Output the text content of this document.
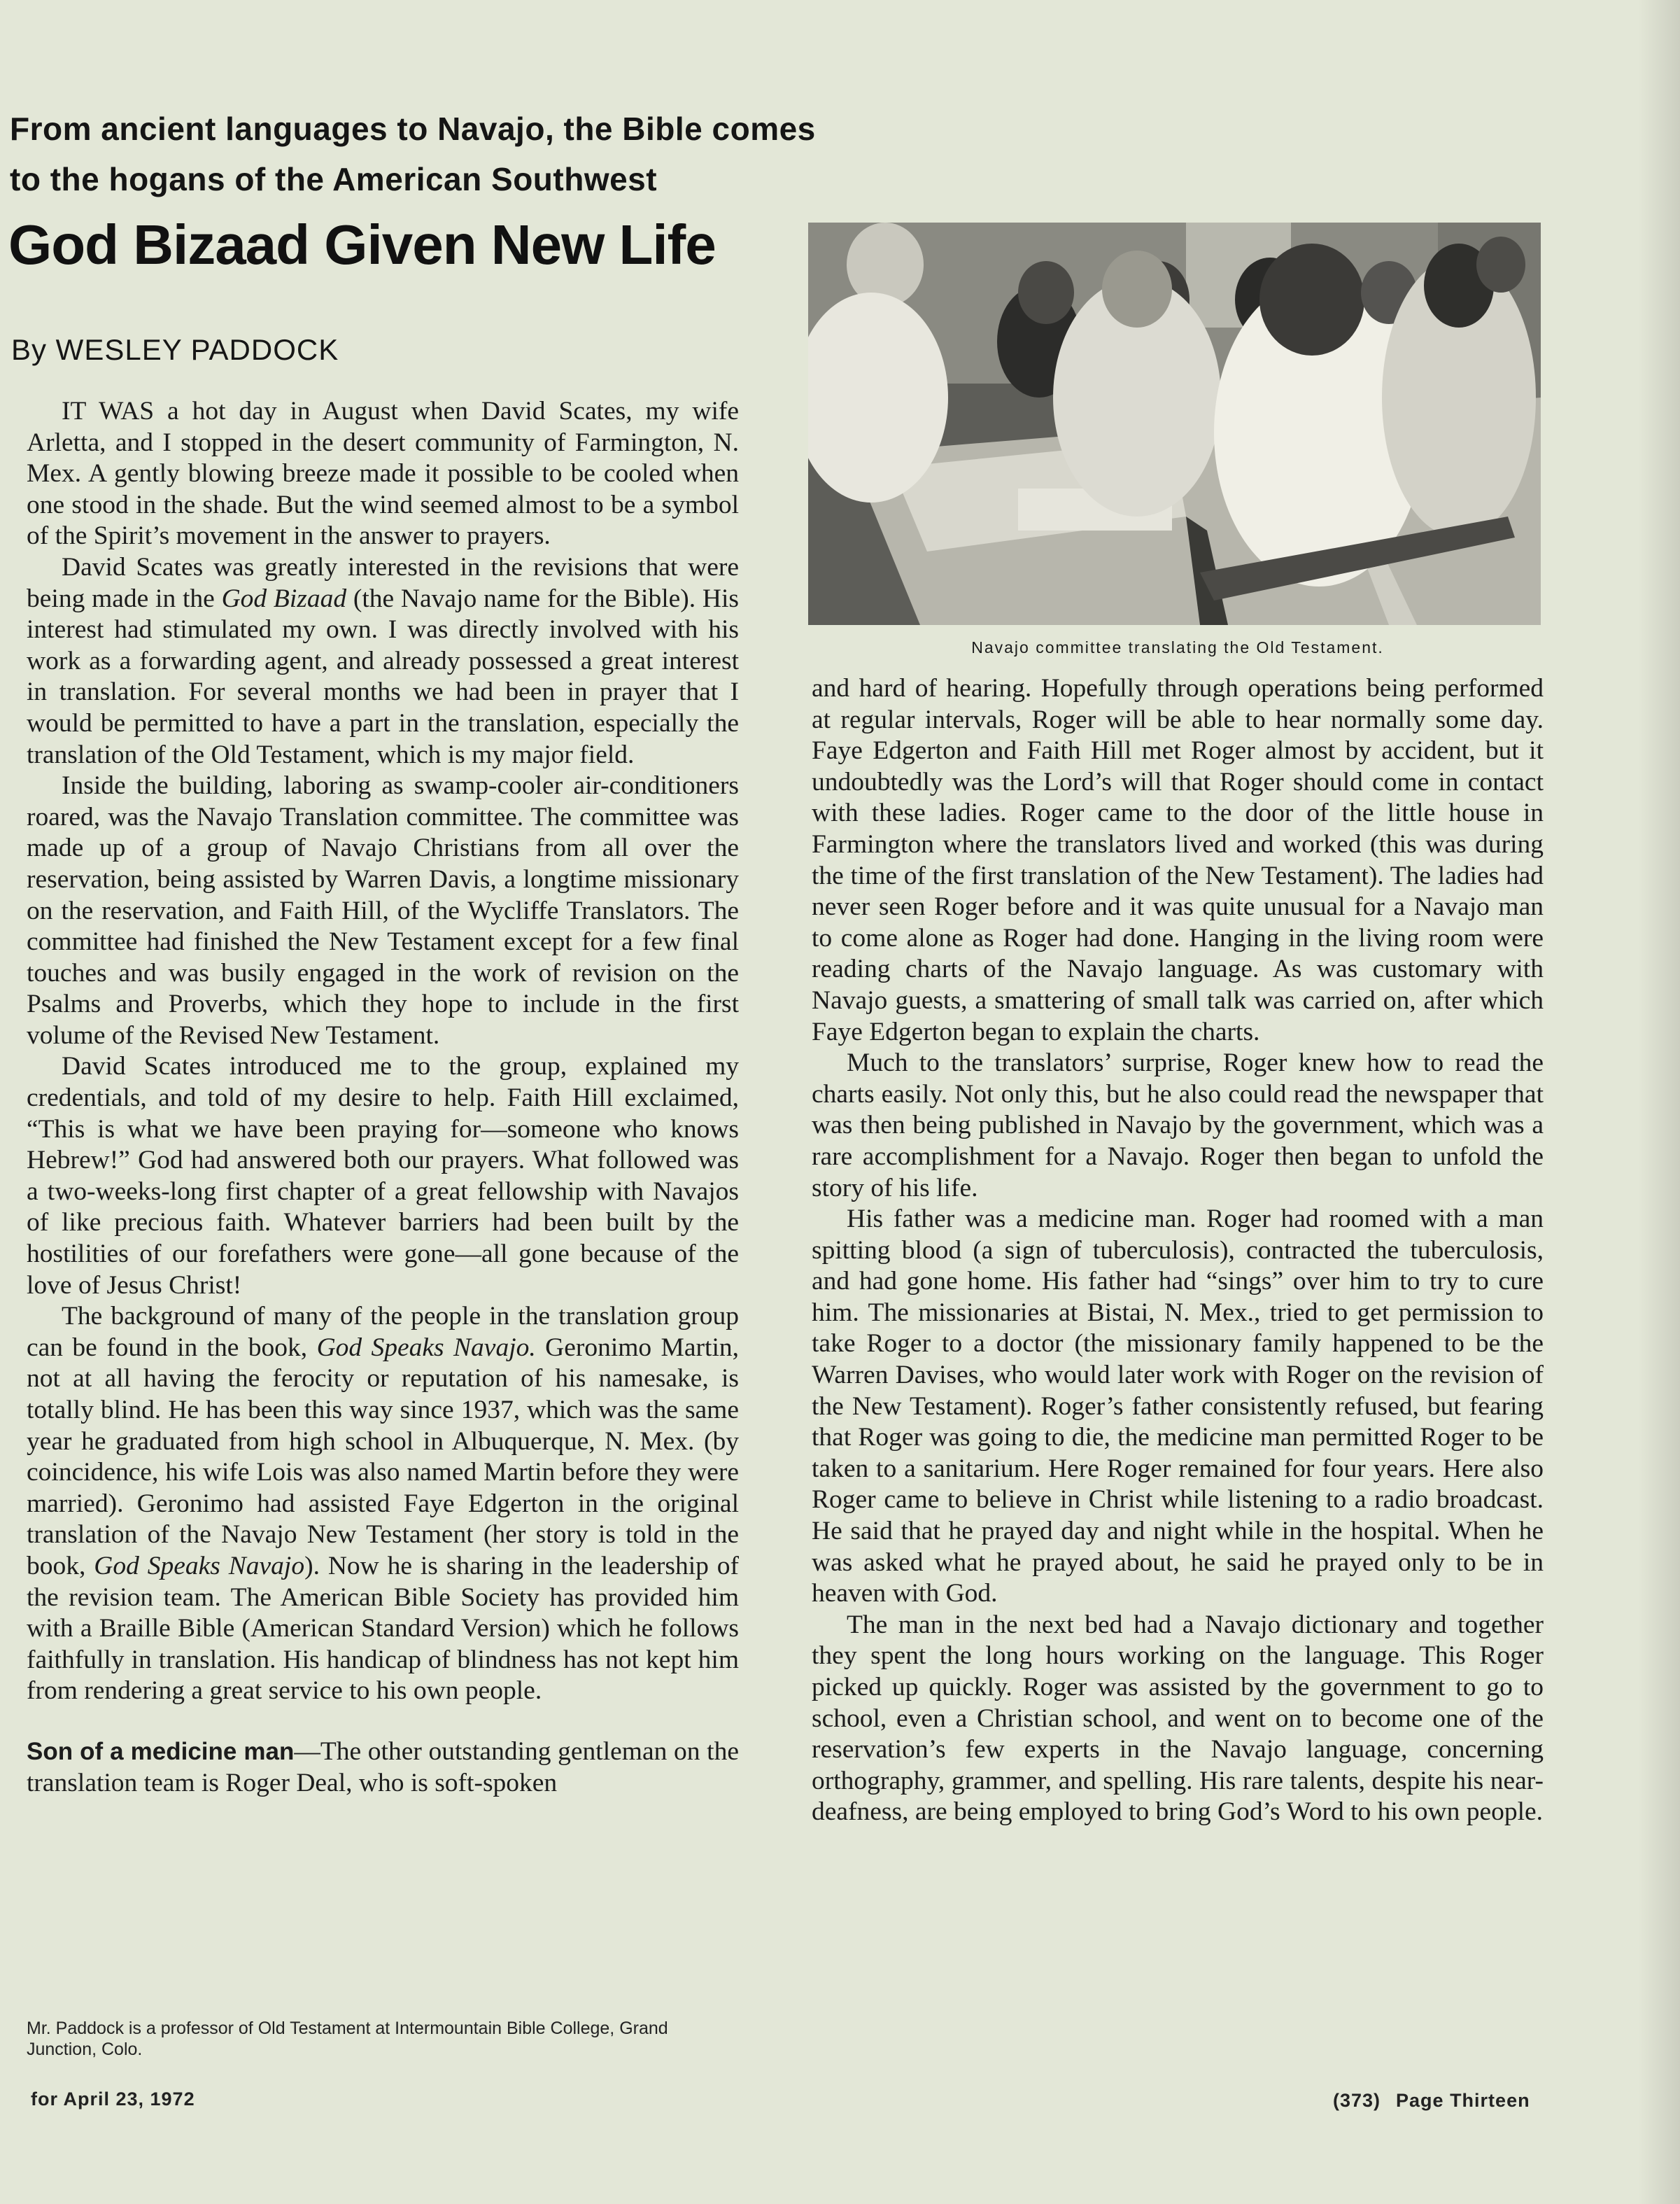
From ancient languages to Navajo, the Bible comes
to the hogans of the American Southwest
God Bizaad Given New Life
By WESLEY PADDOCK

IT WAS a hot day in August when David Scates, my wife Arletta, and I stopped in the desert community of Farmington, N. Mex. A gently blowing breeze made it possible to be cooled when one stood in the shade. But the wind seemed almost to be a symbol of the Spirit’s movement in the answer to prayers.

David Scates was greatly interested in the revisions that were being made in the God Bizaad (the Navajo name for the Bible). His interest had stimulated my own. I was directly involved with his work as a forwarding agent, and already possessed a great interest in translation. For several months we had been in prayer that I would be permitted to have a part in the translation, especially the translation of the Old Testament, which is my major field.

Inside the building, laboring as swamp-cooler air-conditioners roared, was the Navajo Translation committee. The committee was made up of a group of Navajo Christians from all over the reservation, being assisted by Warren Davis, a longtime missionary on the reservation, and Faith Hill, of the Wycliffe Translators. The committee had finished the New Testament except for a few final touches and was busily engaged in the work of revision on the Psalms and Proverbs, which they hope to include in the first volume of the Revised New Testament.

David Scates introduced me to the group, explained my credentials, and told of my desire to help. Faith Hill exclaimed, “This is what we have been praying for—someone who knows Hebrew!” God had answered both our prayers. What followed was a two-weeks-long first chapter of a great fellowship with Navajos of like precious faith. Whatever barriers had been built by the hostilities of our forefathers were gone—all gone because of the love of Jesus Christ!

The background of many of the people in the translation group can be found in the book, God Speaks Navajo. Geronimo Martin, not at all having the ferocity or reputation of his namesake, is totally blind. He has been this way since 1937, which was the same year he graduated from high school in Albuquerque, N. Mex. (by coincidence, his wife Lois was also named Martin before they were married). Geronimo had assisted Faye Edgerton in the original translation of the Navajo New Testament (her story is told in the book, God Speaks Navajo). Now he is sharing in the leadership of the revision team. The American Bible Society has provided him with a Braille Bible (American Standard Version) which he follows faithfully in translation. His handicap of blindness has not kept him from rendering a great service to his own people.

Son of a medicine man—The other outstanding gentleman on the translation team is Roger Deal, who is soft-spoken

Mr. Paddock is a professor of Old Testament at Intermountain Bible College, Grand Junction, Colo.
Navajo committee translating the Old Testament.

and hard of hearing. Hopefully through operations being performed at regular intervals, Roger will be able to hear normally some day. Faye Edgerton and Faith Hill met Roger almost by accident, but it undoubtedly was the Lord’s will that Roger should come in contact with these ladies. Roger came to the door of the little house in Farmington where the translators lived and worked (this was during the time of the first translation of the New Testament). The ladies had never seen Roger before and it was quite unusual for a Navajo man to come alone as Roger had done. Hanging in the living room were reading charts of the Navajo language. As was customary with Navajo guests, a smattering of small talk was carried on, after which Faye Edgerton began to explain the charts.

Much to the translators’ surprise, Roger knew how to read the charts easily. Not only this, but he also could read the newspaper that was then being published in Navajo by the government, which was a rare accomplishment for a Navajo. Roger then began to unfold the story of his life.

His father was a medicine man. Roger had roomed with a man spitting blood (a sign of tuberculosis), contracted the tuberculosis, and had gone home. His father had “sings” over him to try to cure him. The missionaries at Bistai, N. Mex., tried to get permission to take Roger to a doctor (the missionary family happened to be the Warren Davises, who would later work with Roger on the revision of the New Testament). Roger’s father consistently refused, but fearing that Roger was going to die, the medicine man permitted Roger to be taken to a sanitarium. Here Roger remained for four years. Here also Roger came to believe in Christ while listening to a radio broadcast. He said that he prayed day and night while in the hospital. When he was asked what he prayed about, he said he prayed only to be in heaven with God.

The man in the next bed had a Navajo dictionary and together they spent the long hours working on the language. This Roger picked up quickly. Roger was assisted by the government to go to school, even a Christian school, and went on to become one of the reservation’s few experts in the Navajo language, concerning orthography, grammer, and spelling. His rare talents, despite his near-deafness, are being employed to bring God’s Word to his own people.

for April 23, 1972	(373) Page Thirteen
